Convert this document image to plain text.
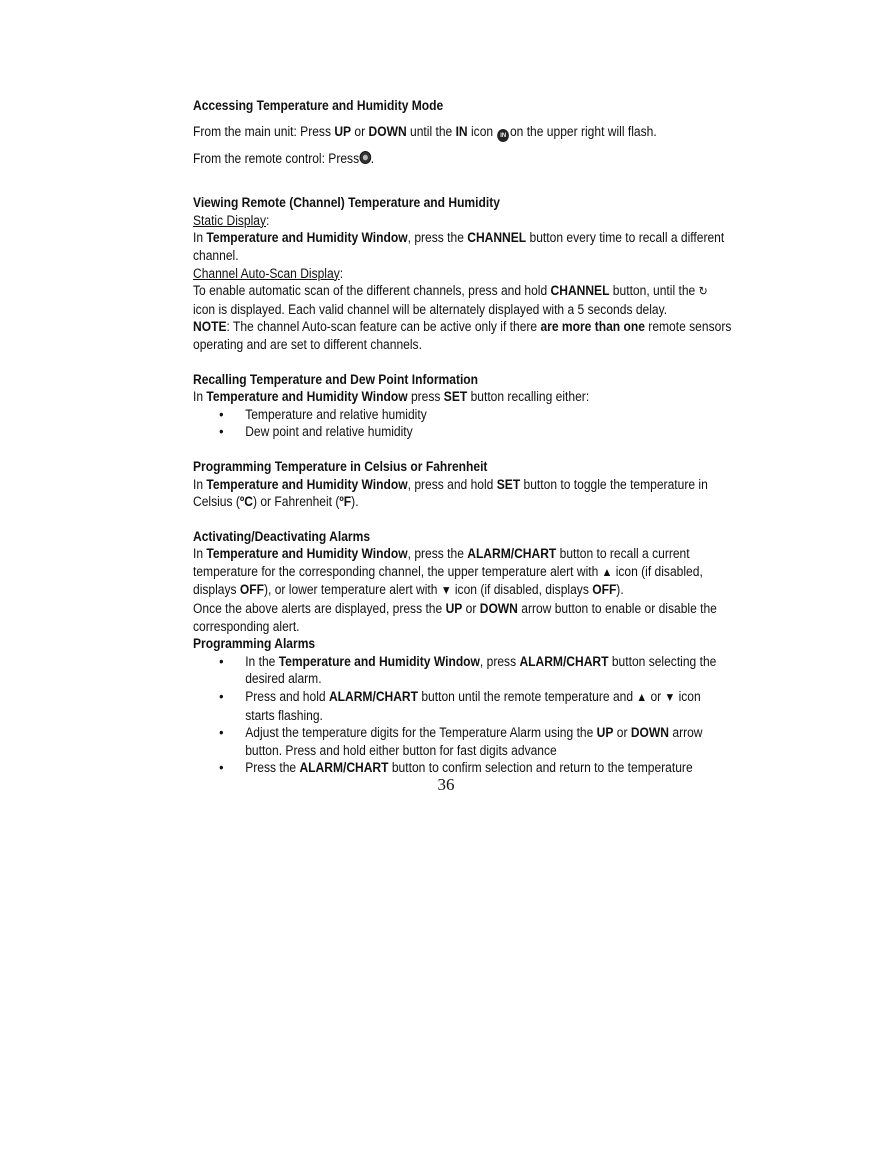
Accessing Temperature and Humidity Mode

From the main unit: Press UP or DOWN until the IN icon IN on the upper right will flash.

From the remote control: Press .

Viewing Remote (Channel) Temperature and Humidity

Static Display:

In Temperature and Humidity Window, press the CHANNEL button every time to recall a different channel.

Channel Auto-Scan Display:

To enable automatic scan of the different channels, press and hold CHANNEL button, until the ↻ icon is displayed. Each valid channel will be alternately displayed with a 5 seconds delay.

NOTE: The channel Auto-scan feature can be active only if there are more than one remote sensors operating and are set to different channels.

Recalling Temperature and Dew Point Information

In Temperature and Humidity Window press SET button recalling either:

• Temperature and relative humidity
• Dew point and relative humidity

Programming Temperature in Celsius or Fahrenheit

In Temperature and Humidity Window, press and hold SET button to toggle the temperature in Celsius (ºC) or Fahrenheit (ºF).

Activating/Deactivating Alarms

In Temperature and Humidity Window, press the ALARM/CHART button to recall a current temperature for the corresponding channel, the upper temperature alert with ▲ icon (if disabled, displays OFF), or lower temperature alert with ▼ icon (if disabled, displays OFF).

Once the above alerts are displayed, press the UP or DOWN arrow button to enable or disable the corresponding alert.

Programming Alarms

• In the Temperature and Humidity Window, press ALARM/CHART button selecting the desired alarm.
• Press and hold ALARM/CHART button until the remote temperature and ▲ or ▼ icon starts flashing.
• Adjust the temperature digits for the Temperature Alarm using the UP or DOWN arrow button. Press and hold either button for fast digits advance
• Press the ALARM/CHART button to confirm selection and return to the temperature
36
